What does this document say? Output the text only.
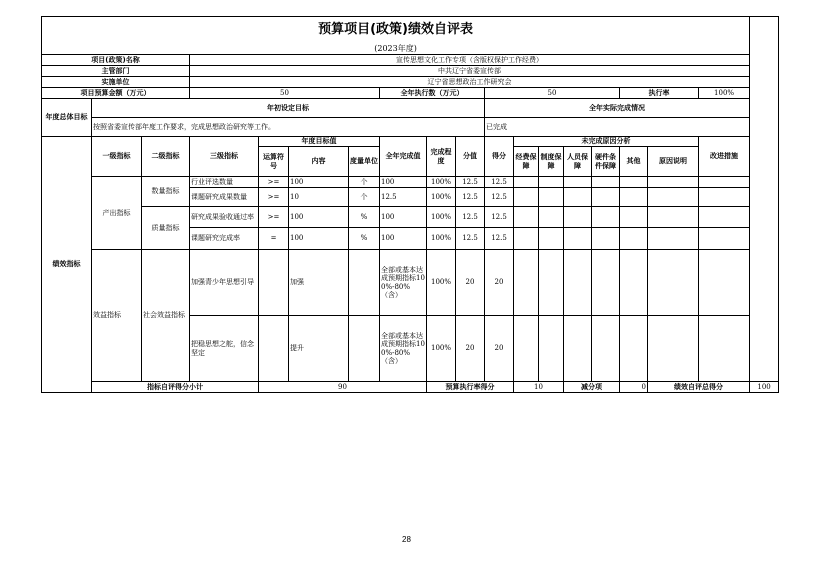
预算项目(政策)绩效自评表																		
(2023年度)																		
项目(政策)名称			宣传思想文化工作专项（含版权保护工作经费）															
主管部门			中共辽宁省委宣传部															
实施单位			辽宁省思想政治工作研究会															
项目预算金额（万元）			50				全年执行数（万元）			50					执行率		100%	
年度总体目标	年初设定目标									全年实际完成情况								
	按照省委宣传部年度工作要求，完成思想政治研究等工作。									已完成								
绩效指标	一级指标	二级指标	三级指标	年度目标值			全年完成值	完成程度	分值	得分	未完成原因分析						改进措施	
				运算符号	内容	度量单位					经费保障	制度保障	人员保障	硬件条件保障	其他	原因说明		
	产出指标	数量指标	行业评选数量	>=	100	个	100	100%	12.5	12.5								
			课题研究成果数量	>=	10	个	12.5	100%	12.5	12.5								
		质量指标	研究成果验收通过率	>=	100	%	100	100%	12.5	12.5								
			课题研究完成率	=	100	%	100	100%	12.5	12.5								
	效益指标	社会效益指标	加强青少年思想引导		加强		全部或基本达成预期指标100%-80%（含）	100%	20	20								
			把稳思想之舵，信念坚定		提升		全部或基本达成预期指标100%-80%（含）	100%	20	20								
	指标自评得分小计			90				预算执行率得分			10		减分项		0	绩效自评总得分		100
28
